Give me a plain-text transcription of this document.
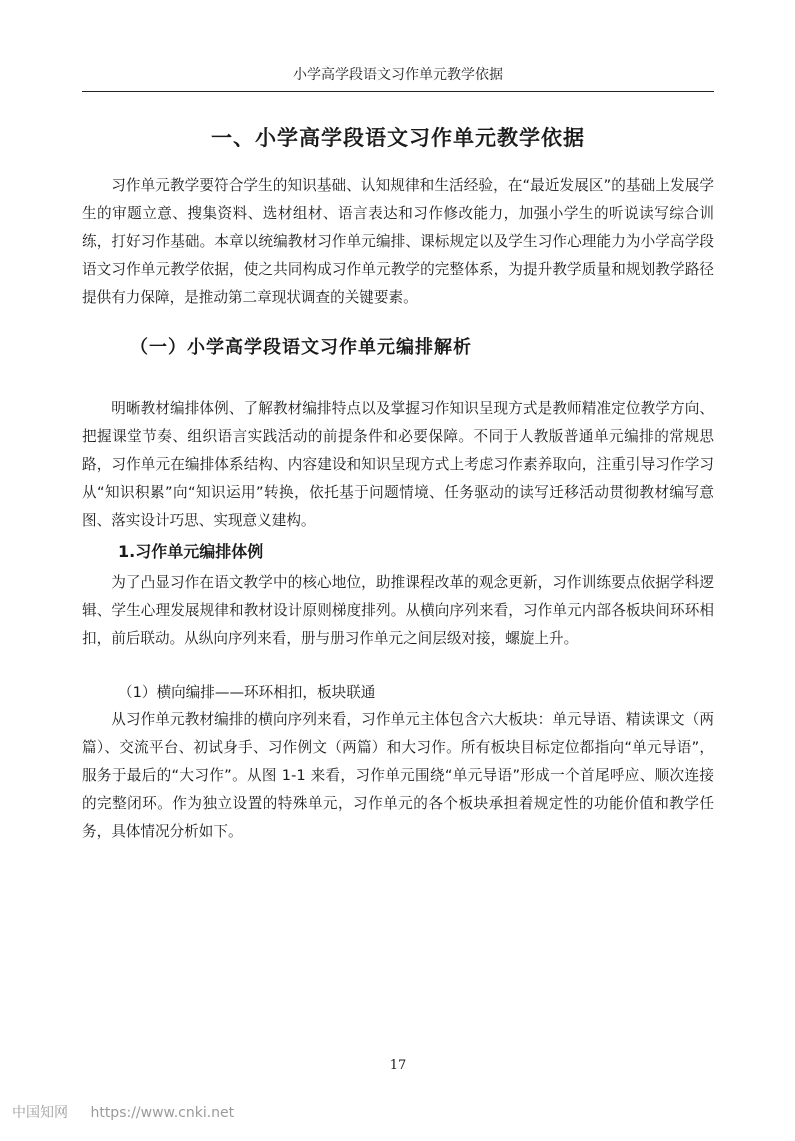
小学高学段语文习作单元教学依据
一、小学高学段语文习作单元教学依据

习作单元教学要符合学生的知识基础、认知规律和生活经验，在“最近发展区”的基础上发展学生的审题立意、搜集资料、选材组材、语言表达和习作修改能力，加强小学生的听说读写综合训练，打好习作基础。本章以统编教材习作单元编排、课标规定以及学生习作心理能力为小学高学段语文习作单元教学依据，使之共同构成习作单元教学的完整体系，为提升教学质量和规划教学路径提供有力保障，是推动第二章现状调查的关键要素。

（一）小学高学段语文习作单元编排解析

明晰教材编排体例、了解教材编排特点以及掌握习作知识呈现方式是教师精准定位教学方向、把握课堂节奏、组织语言实践活动的前提条件和必要保障。不同于人教版普通单元编排的常规思路，习作单元在编排体系结构、内容建设和知识呈现方式上考虑习作素养取向，注重引导习作学习从“知识积累”向“知识运用”转换，依托基于问题情境、任务驱动的读写迁移活动贯彻教材编写意图、落实设计巧思、实现意义建构。

1.习作单元编排体例

为了凸显习作在语文教学中的核心地位，助推课程改革的观念更新，习作训练要点依据学科逻辑、学生心理发展规律和教材设计原则梯度排列。从横向序列来看，习作单元内部各板块间环环相扣，前后联动。从纵向序列来看，册与册习作单元之间层级对接，螺旋上升。

（1）横向编排——环环相扣，板块联通

从习作单元教材编排的横向序列来看，习作单元主体包含六大板块：单元导语、精读课文（两篇）、交流平台、初试身手、习作例文（两篇）和大习作。所有板块目标定位都指向“单元导语”，服务于最后的“大习作”。从图 1-1 来看，习作单元围绕“单元导语”形成一个首尾呼应、顺次连接的完整闭环。作为独立设置的特殊单元，习作单元的各个板块承担着规定性的功能价值和教学任务，具体情况分析如下。

17
中国知网 https://www.cnki.net
